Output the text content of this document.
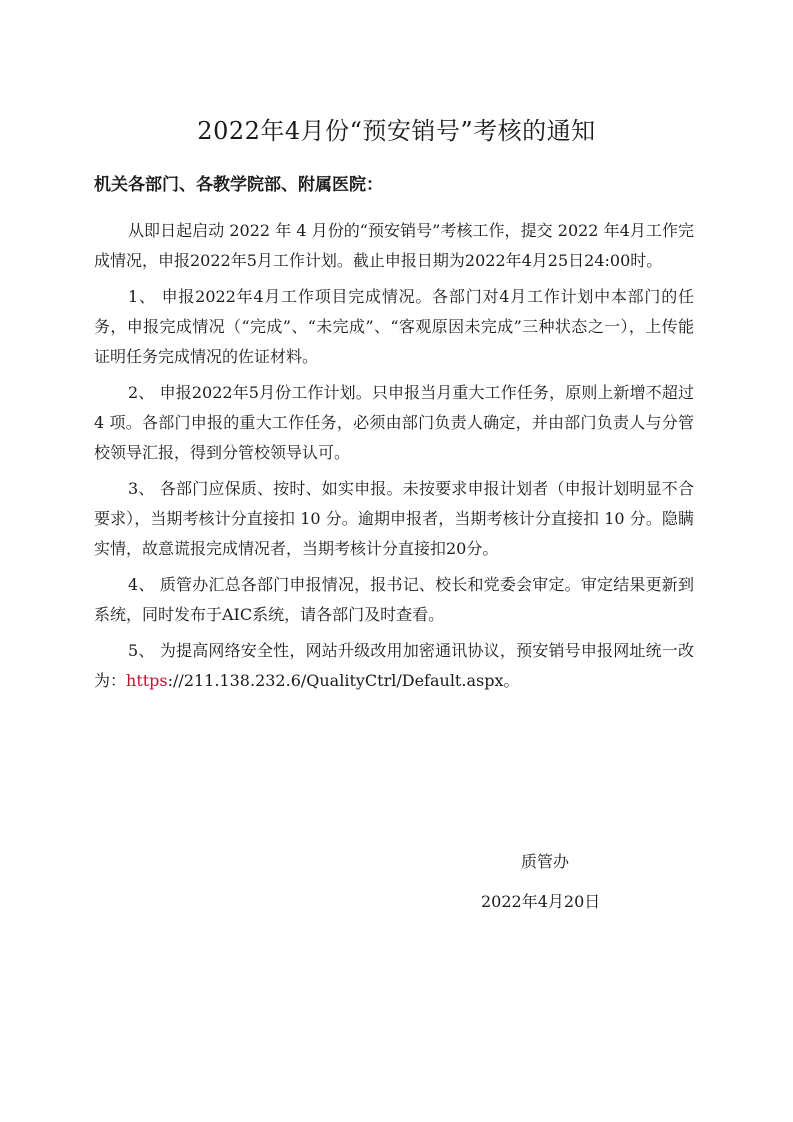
2022年4月份“预安销号”考核的通知
机关各部门、各教学院部、附属医院：

从即日起启动 2022 年 4 月份的“预安销号”考核工作，提交 2022 年4月工作完成情况，申报2022年5月工作计划。截止申报日期为2022年4月25日24:00时。

1、 申报2022年4月工作项目完成情况。各部门对4月工作计划中本部门的任务，申报完成情况（“完成”、“未完成”、“客观原因未完成”三种状态之一），上传能证明任务完成情况的佐证材料。

2、 申报2022年5月份工作计划。只申报当月重大工作任务，原则上新增不超过 4 项。各部门申报的重大工作任务，必须由部门负责人确定，并由部门负责人与分管校领导汇报，得到分管校领导认可。

3、 各部门应保质、按时、如实申报。未按要求申报计划者（申报计划明显不合要求），当期考核计分直接扣 10 分。逾期申报者，当期考核计分直接扣 10 分。隐瞒实情，故意谎报完成情况者，当期考核计分直接扣20分。

4、 质管办汇总各部门申报情况，报书记、校长和党委会审定。审定结果更新到系统，同时发布于AIC系统，请各部门及时查看。

5、 为提高网络安全性，网站升级改用加密通讯协议，预安销号申报网址统一改为：https://211.138.232.6/QualityCtrl/Default.aspx。

质管办
2022年4月20日
